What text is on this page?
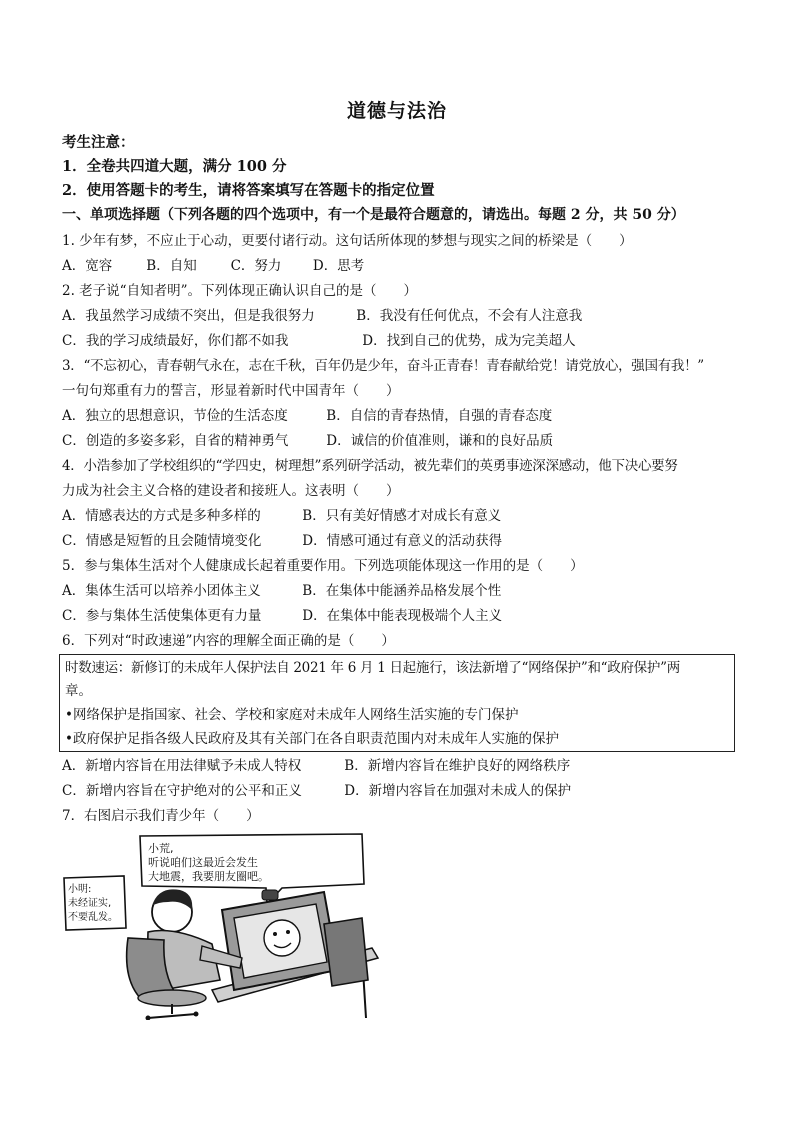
道德与法治
考生注意：
1．全卷共四道大题，满分 100 分
2．使用答题卡的考生，请将答案填写在答题卡的指定位置
一、单项选择题（下列各题的四个选项中，有一个是最符合题意的，请选出。每题 2 分，共 50 分）
1. 少年有梦，不应止于心动，更要付诸行动。这句话所体现的梦想与现实之间的桥梁是（　　）
A．宽容	B．自知	C．努力 D．思考
2. 老子说“自知者明”。下列体现正确认识自己的是（　　）
A．我虽然学习成绩不突出，但是我很努力	B．我没有任何优点，不会有人注意我
C．我的学习成绩最好，你们都不如我	D．找到自己的优势，成为完美超人
3．“不忘初心，青春朝气永在，志在千秋，百年仍是少年，奋斗正青春！青春献给党！请党放心，强国有我！”
一句句郑重有力的誓言，形显着新时代中国青年（　　）
A．独立的思想意识，节俭的生活态度	B．自信的青春热情，自强的青春态度
C．创造的多姿多彩，自省的精神勇气	D．诚信的价值准则，谦和的良好品质
4．小浩参加了学校组织的“学四史，树理想”系列研学活动，被先辈们的英勇事迹深深感动，他下决心要努
力成为社会主义合格的建设者和接班人。这表明（　　）
A．情感表达的方式是多种多样的	B．只有美好情感才对成长有意义
C．情感是短暂的且会随情境变化	D．情感可通过有意义的活动获得
5．参与集体生活对个人健康成长起着重要作用。下列选项能体现这一作用的是（　　）
A．集体生活可以培养小团体主义	B．在集体中能涵养品格发展个性
C．参与集体生活使集体更有力量	D．在集体中能表现极端个人主义
6．下列对“时政速递”内容的理解全面正确的是（　　）
时数速运：新修订的未成年人保护法自 2021 年 6 月 1 日起施行，该法新增了“网络保护”和“政府保护”两
章。
•网络保护是指国家、社会、学校和家庭对未成年人网络生活实施的专门保护
•政府保护足指各级人民政府及其有关部门在各自职责范围内对未成年人实施的保护
A．新增内容旨在用法律赋予未成人特权	B．新增内容旨在维护良好的网络秩序
C．新增内容旨在守护绝对的公平和正义	D．新增内容旨在加强对未成人的保护
7．右图启示我们青少年（　　）
小荒,
听说咱们这最近会发生
大地震，我要朋友圈吧。
小明:
未经证实,
不要乱发。
